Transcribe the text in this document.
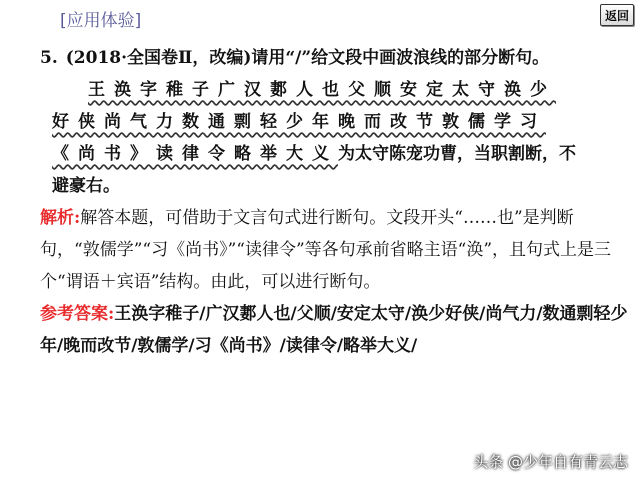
[应用体验]	返回
5. (2018·全国卷Ⅱ，改编)请用“/”给文段中画波浪线的部分断句。
王涣字稚子广汉郪人也父顺安定太守涣少
好侠尚气力数通剽轻少年晚而改节敦儒学习
《尚书》读律令略举大义为太守陈宠功曹，当职割断，不
避豪右。
解析:解答本题，可借助于文言句式进行断句。文段开头“……也”是判断句，“敦儒学”“习《尚书》”“读律令”等各句承前省略主语“涣”，且句式上是三个“谓语＋宾语”结构。由此，可以进行断句。
参考答案:王涣字稚子/广汉郪人也/父顺/安定太守/涣少好侠/尚气力/数通剽轻少年/晚而改节/敦儒学/习《尚书》/读律令/略举大义/
头条 @少年自有青云志
